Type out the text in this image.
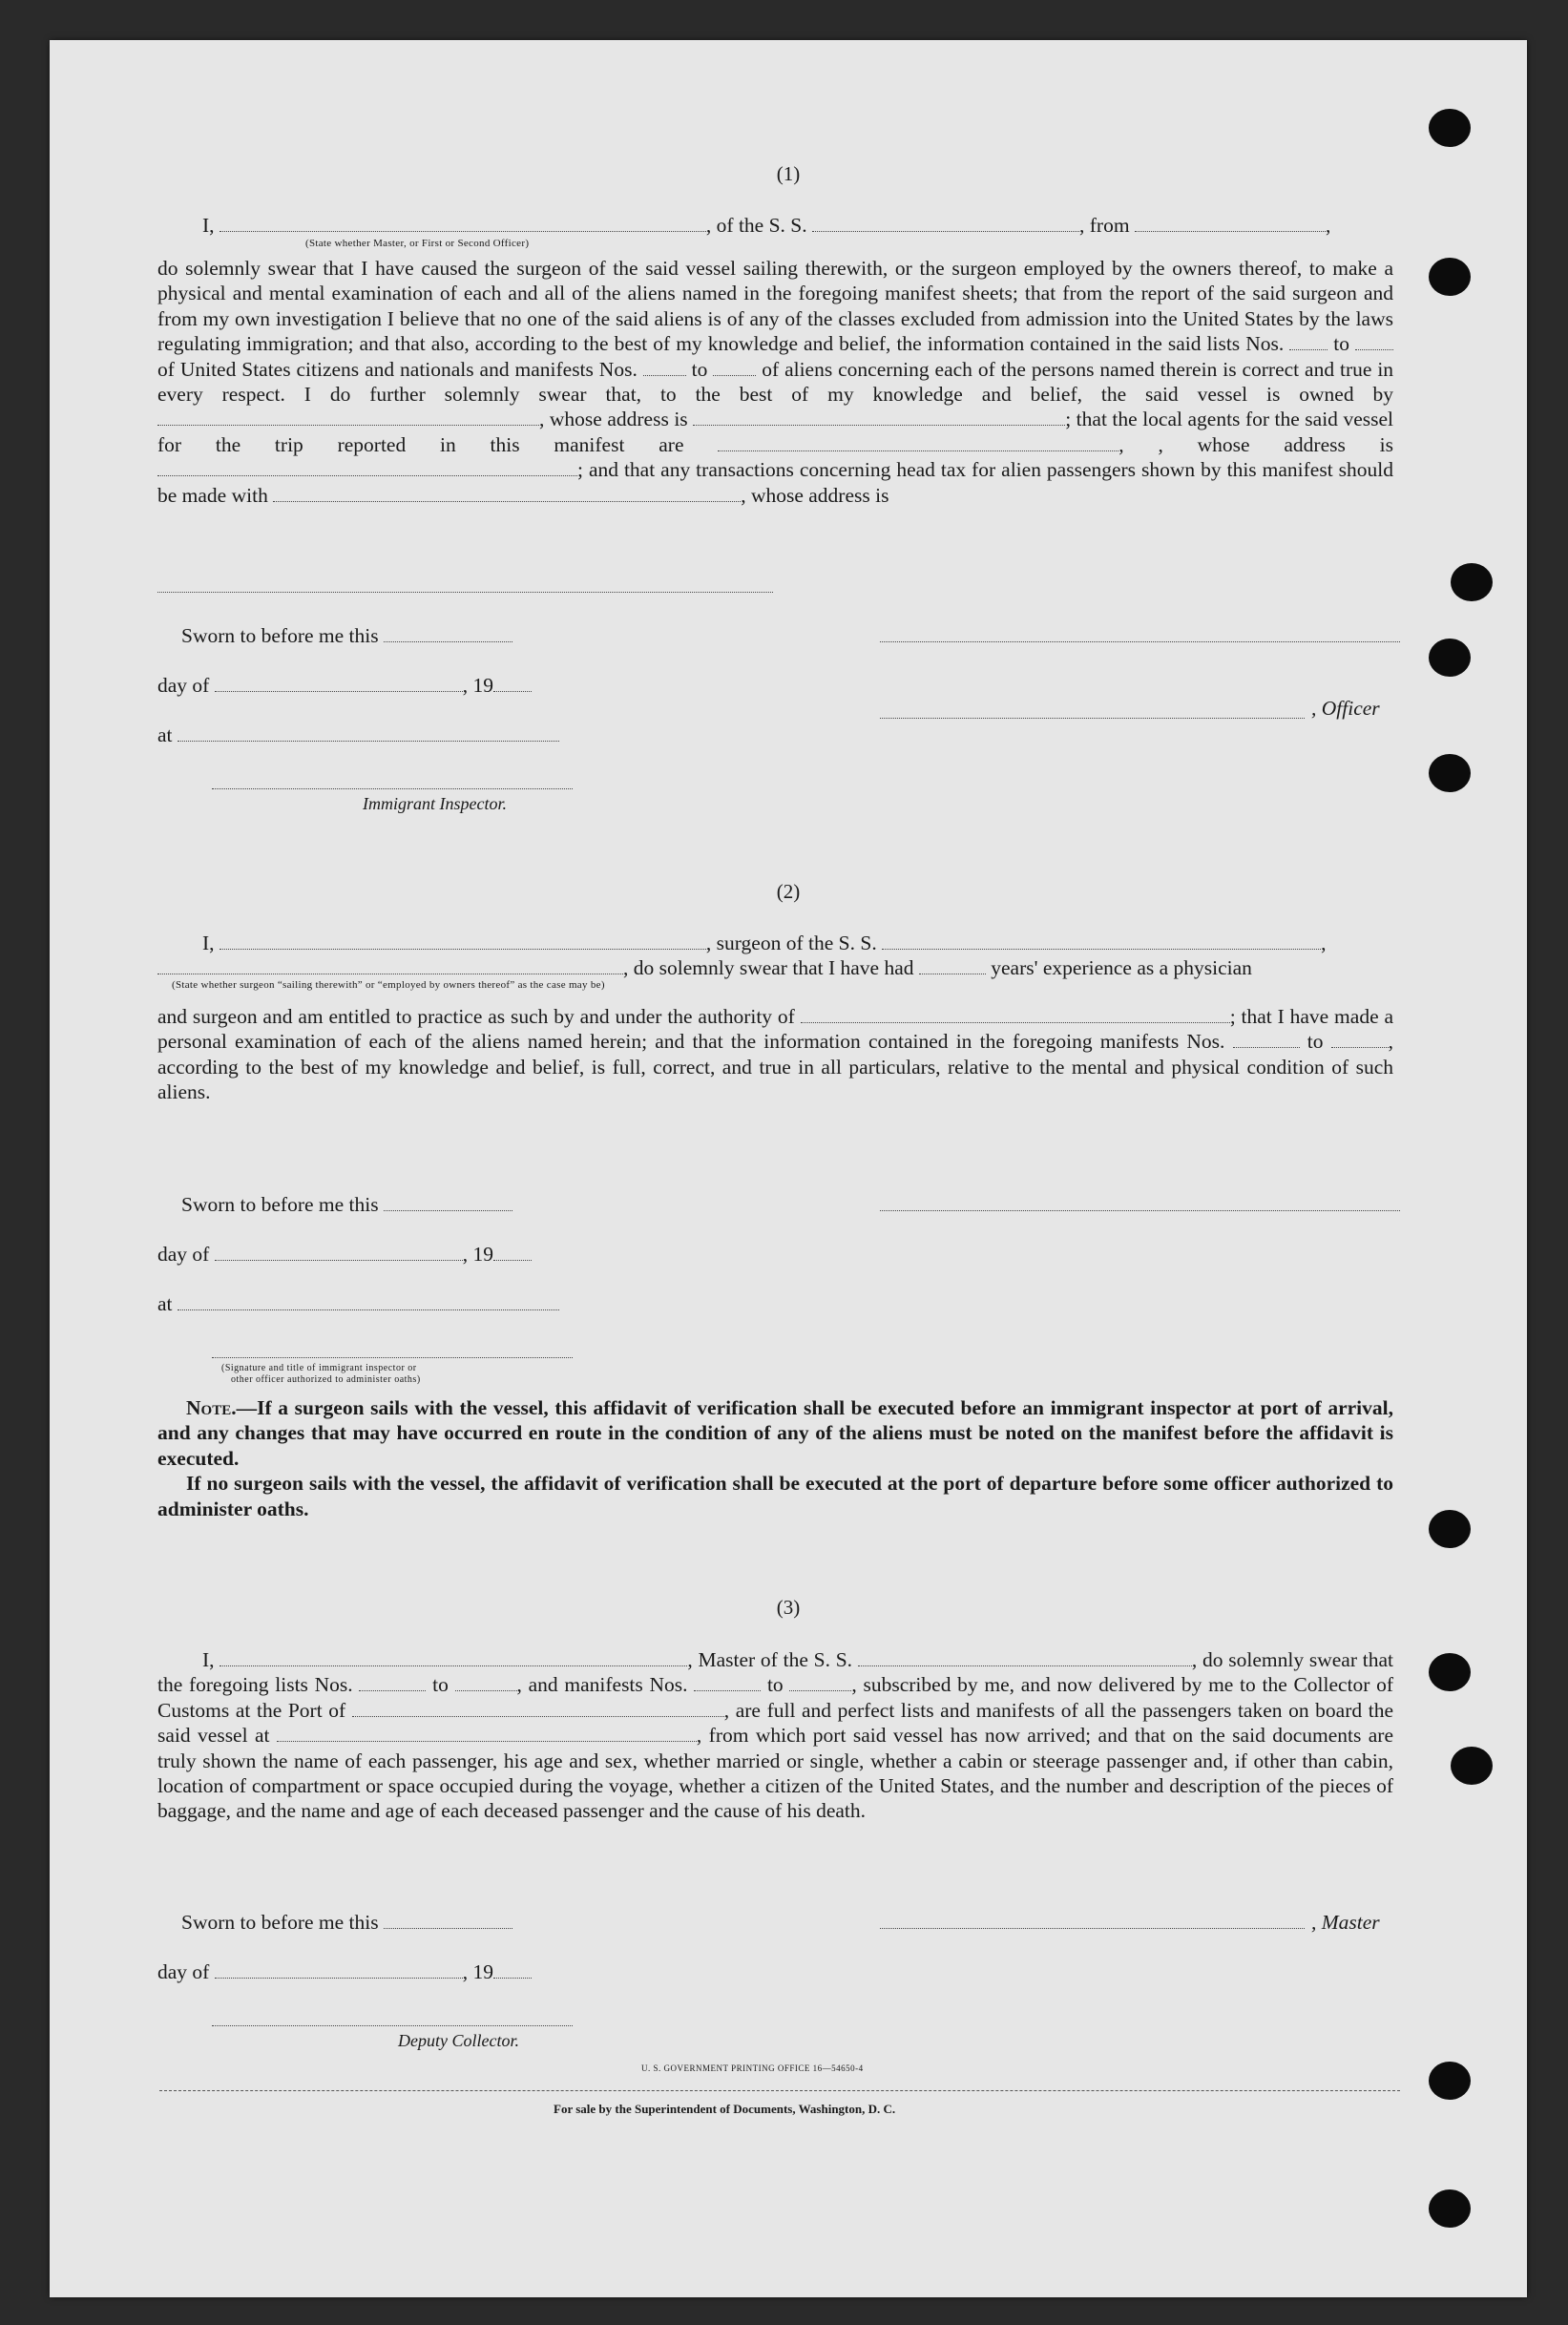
(1)
I,	, of the S. S.	, from	,
(State whether Master, or First or Second Officer)

do solemnly swear that I have caused the surgeon of the said vessel sailing therewith, or the surgeon employed by the owners thereof, to make a physical and mental examination of each and all of the aliens named in the foregoing manifest sheets; that from the report of the said surgeon and from my own investigation I believe that no one of the said aliens is of any of the classes excluded from admission into the United States by the laws regulating immigration; and that also, according to the best of my knowledge and belief, the information contained in the said lists Nos. to  of United States citizens and nationals and manifests Nos.	to	of aliens concerning each of the persons named therein is correct and true in every respect. I do further solemnly swear that, to the best of my knowledge and belief, the said vessel is owned by , whose address is	; that the local agents for the said vessel for the trip reported in this manifest are	, , whose address is ; and that any transactions concerning head tax for alien passengers shown by this manifest should be made with	, whose address is

Sworn to before me this
day of	, 19
, Officer
at
Immigrant Inspector.
(2)
I,	, surgeon of the S. S.	,
, do solemnly swear that I have had	years' experience as a physician
(State whether surgeon “sailing therewith” or “employed by owners thereof” as the case may be)

and surgeon and am entitled to practice as such by and under the authority of	; that I have made a personal examination of each of the aliens named herein; and that the information contained in the foregoing manifests Nos.	to	, according to the best of my knowledge and belief, is full, correct, and true in all particulars, relative to the mental and physical condition of such aliens.

Sworn to before me this
day of	, 19
at
(Signature and title of immigrant inspector or
other officer authorized to administer oaths)

Note.—If a surgeon sails with the vessel, this affidavit of verification shall be executed before an immigrant inspector at port of arrival, and any changes that may have occurred en route in the condition of any of the aliens must be noted on the manifest before the affidavit is executed.

If no surgeon sails with the vessel, the affidavit of verification shall be executed at the port of departure before some officer authorized to administer oaths.

(3)

I,	, Master of the S. S.	, do solemnly swear that the foregoing lists Nos.	to	, and manifests Nos.	to	, subscribed by me, and now delivered by me to the Collector of Customs at the Port of	, are full and perfect lists and manifests of all the passengers taken on board the said vessel at	, from which port said vessel has now arrived; and that on the said documents are truly shown the name of each passenger, his age and sex, whether married or single, whether a cabin or steerage passenger and, if other than cabin, location of compartment or space occupied during the voyage, whether a citizen of the United States, and the number and description of the pieces of baggage, and the name and age of each deceased passenger and the cause of his death.

Sworn to before me this	, Master
day of	, 19
Deputy Collector.
U. S. GOVERNMENT PRINTING OFFICE 16—54650-4
For sale by the Superintendent of Documents, Washington, D. C.
